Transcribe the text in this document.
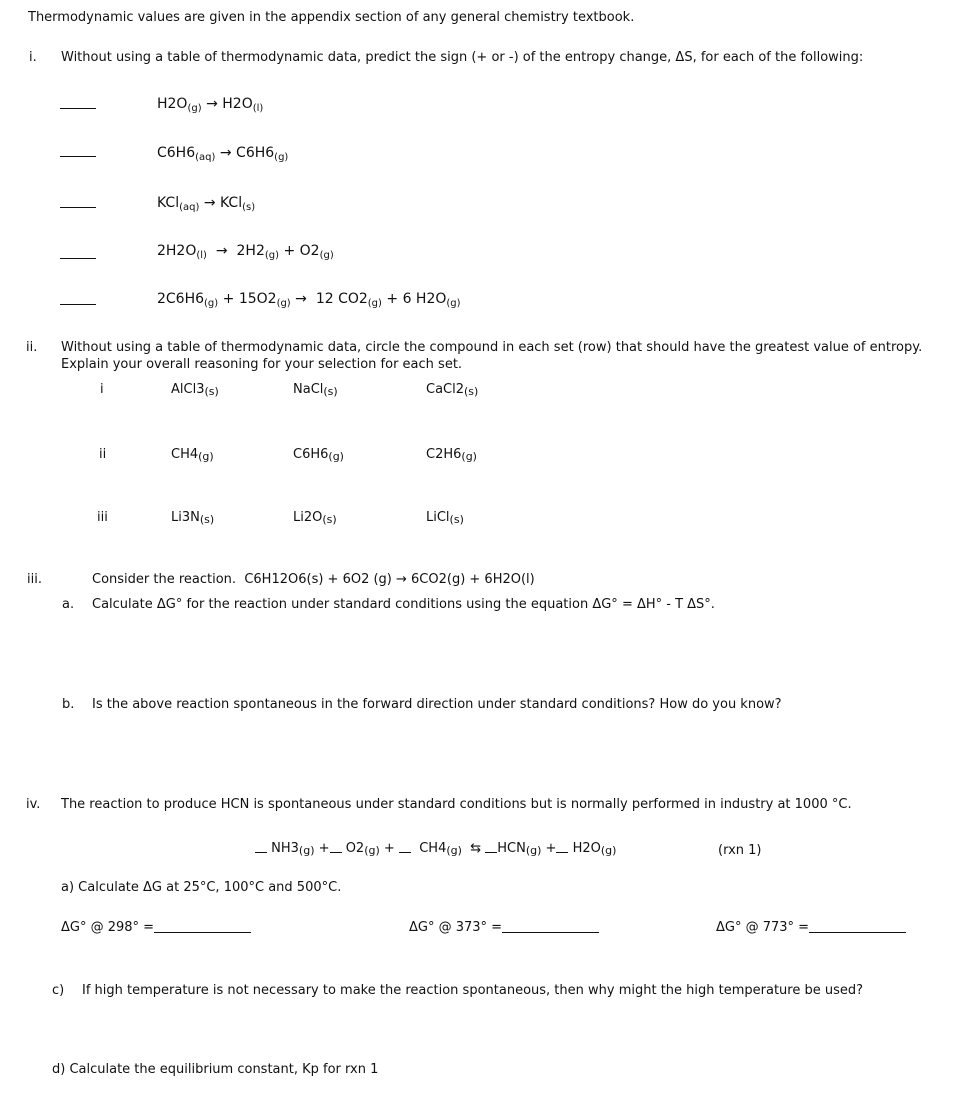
Thermodynamic values are given in the appendix section of any general chemistry textbook.
i. Without using a table of thermodynamic data, predict the sign (+ or -) of the entropy change, ΔS, for each of the following:
$H2O_{(g)} \to H2O_{(l)}$
$C6H6_{(aq)} \to C6H6_{(g)}$
KCl$_{(aq)}$ → KCl$_{(s)}$
$2H2O_{(l)} \to 2H2_{(g)} + O2_{(g)}$
$2C6H6_{(g)} + 15O2_{(g)} \to 12$ $CO2_{(g)} + 6$ $H2O_{(g)}$
ii. Without using a table of thermodynamic data, circle the compound in each set (row) that should have the greatest value of entropy.
Explain your overall reasoning for your selection for each set.
i	AlCl3(s)	NaCl(s)	CaCl2(s)
ii	CH4(g)	C6H6(g)	C2H6(g)
iii	Li3N(s)	Li2O(s)	LiCl(s)
iii.	Consider the reaction. C6H12O6(s) + 6O2 (g) → 6CO2(g) + 6H2O(l)
a. Calculate ΔG° for the reaction under standard conditions using the equation ΔG° = ΔH° - T ΔS°.
b. Is the above reaction spontaneous in the forward direction under standard conditions? How do you know?
iv. The reaction to produce HCN is spontaneous under standard conditions but is normally performed in industry at 1000 °C.
NH3(g) + O2(g) + CH4(g) ⇆ HCN(g) + H2O(g)	(rxn 1)
a) Calculate ΔG at 25°C, 100°C and 500°C.
ΔG° @ 298° =	ΔG° @ 373° =	ΔG° @ 773° =
c) If high temperature is not necessary to make the reaction spontaneous, then why might the high temperature be used?
d) Calculate the equilibrium constant, Kp for rxn 1
